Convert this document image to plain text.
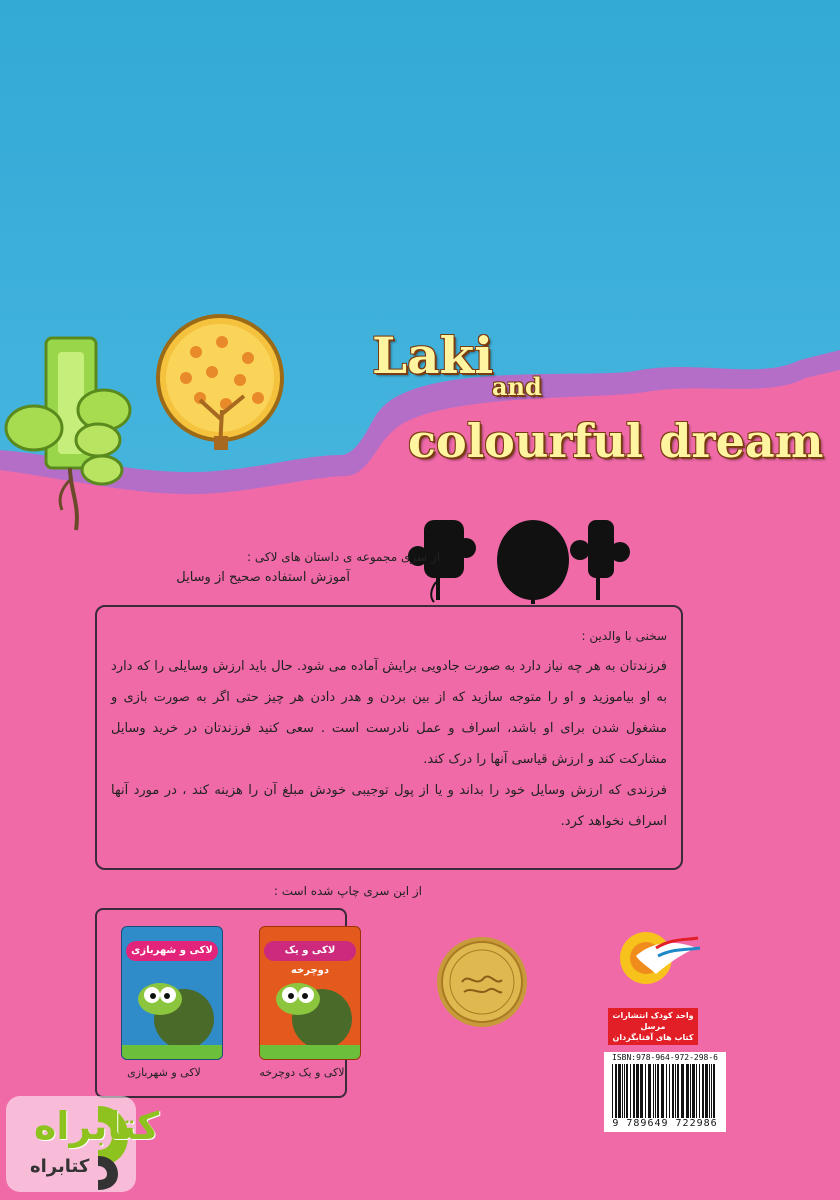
Laki
and
colourful dream
از سری مجموعه ی داستان های لاکی :
آموزش استفاده صحیح از وسایل
سخنی با والدین :

فرزندتان به هر چه نیاز دارد به صورت جادویی برایش آماده می شود. حال باید ارزش وسایلی را که دارد به او بیاموزید و او را متوجه سازید که از بین بردن و هدر دادن هر چیز حتی اگر به صورت بازی و مشغول شدن برای او باشد، اسراف و عمل نادرست است . سعی کنید فرزندتان در خرید وسایل مشارکت کند و ارزش قیاسی آنها را درک کند.

فرزندی که ارزش وسایل خود را بداند و یا از پول توجیبی خودش مبلغ آن را هزینه کند ، در مورد آنها اسراف نخواهد کرد.

از این سری چاپ شده است :
لاکی و یک دوچرخه
لاکی و شهربازی
لاکی و یک دوچرخه
لاکی و شهربازی
واحد کودک انتشارات مرسل
کتاب های آفتابگردان
ISBN:978-964-972-298-6
9 789649 722986
کتابراه
کتابراه
